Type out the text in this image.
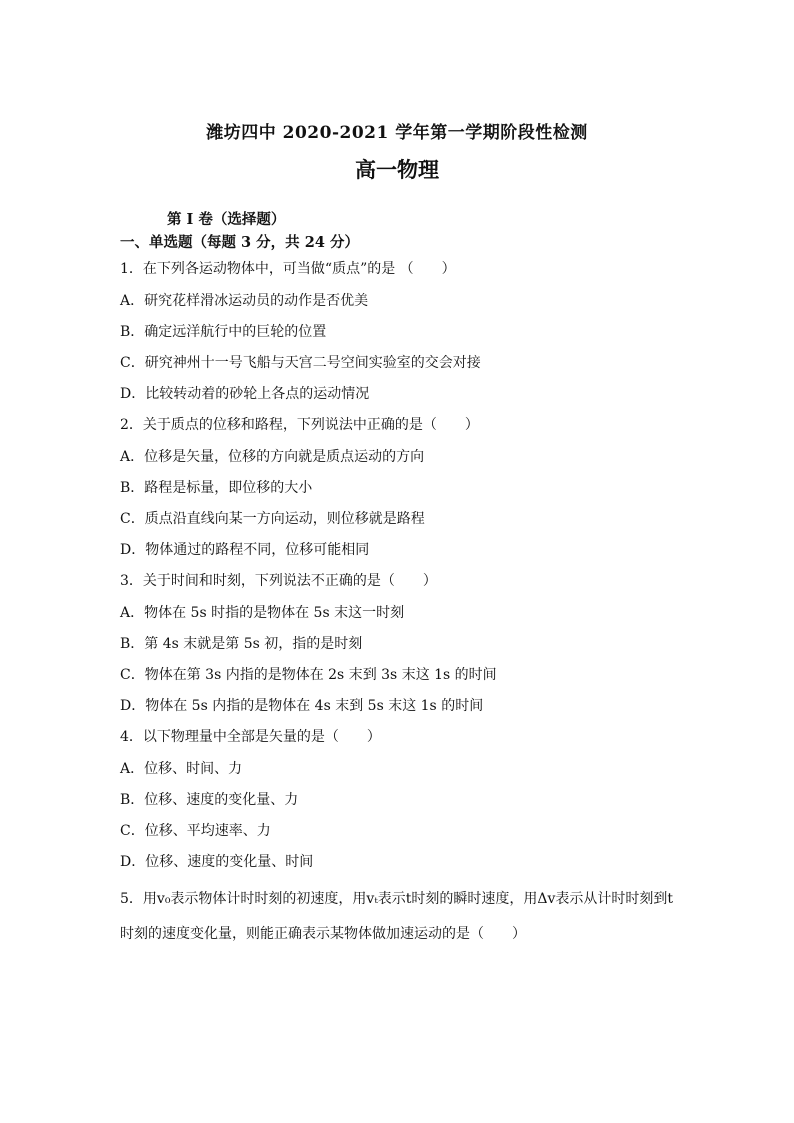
潍坊四中 2020-2021 学年第一学期阶段性检测
高一物理
第 I 卷（选择题）
一、单选题（每题 3 分，共 24 分）
1．在下列各运动物体中，可当做“质点”的是 （　　）
A．研究花样滑冰运动员的动作是否优美
B．确定远洋航行中的巨轮的位置
C．研究神州十一号飞船与天宫二号空间实验室的交会对接
D．比较转动着的砂轮上各点的运动情况
2．关于质点的位移和路程，下列说法中正确的是（　　）
A．位移是矢量，位移的方向就是质点运动的方向
B．路程是标量，即位移的大小
C．质点沿直线向某一方向运动，则位移就是路程
D．物体通过的路程不同，位移可能相同
3．关于时间和时刻，下列说法不正确的是（　　）
A．物体在 5s 时指的是物体在 5s 末这一时刻
B．第 4s 末就是第 5s 初，指的是时刻
C．物体在第 3s 内指的是物体在 2s 末到 3s 末这 1s 的时间
D．物体在 5s 内指的是物体在 4s 末到 5s 末这 1s 的时间
4．以下物理量中全部是矢量的是（　　）
A．位移、时间、力
B．位移、速度的变化量、力
C．位移、平均速率、力
D．位移、速度的变化量、时间
5．用v₀表示物体计时时刻的初速度，用vₜ表示t时刻的瞬时速度，用Δv表示从计时时刻到t
时刻的速度变化量，则能正确表示某物体做加速运动的是（　　）
